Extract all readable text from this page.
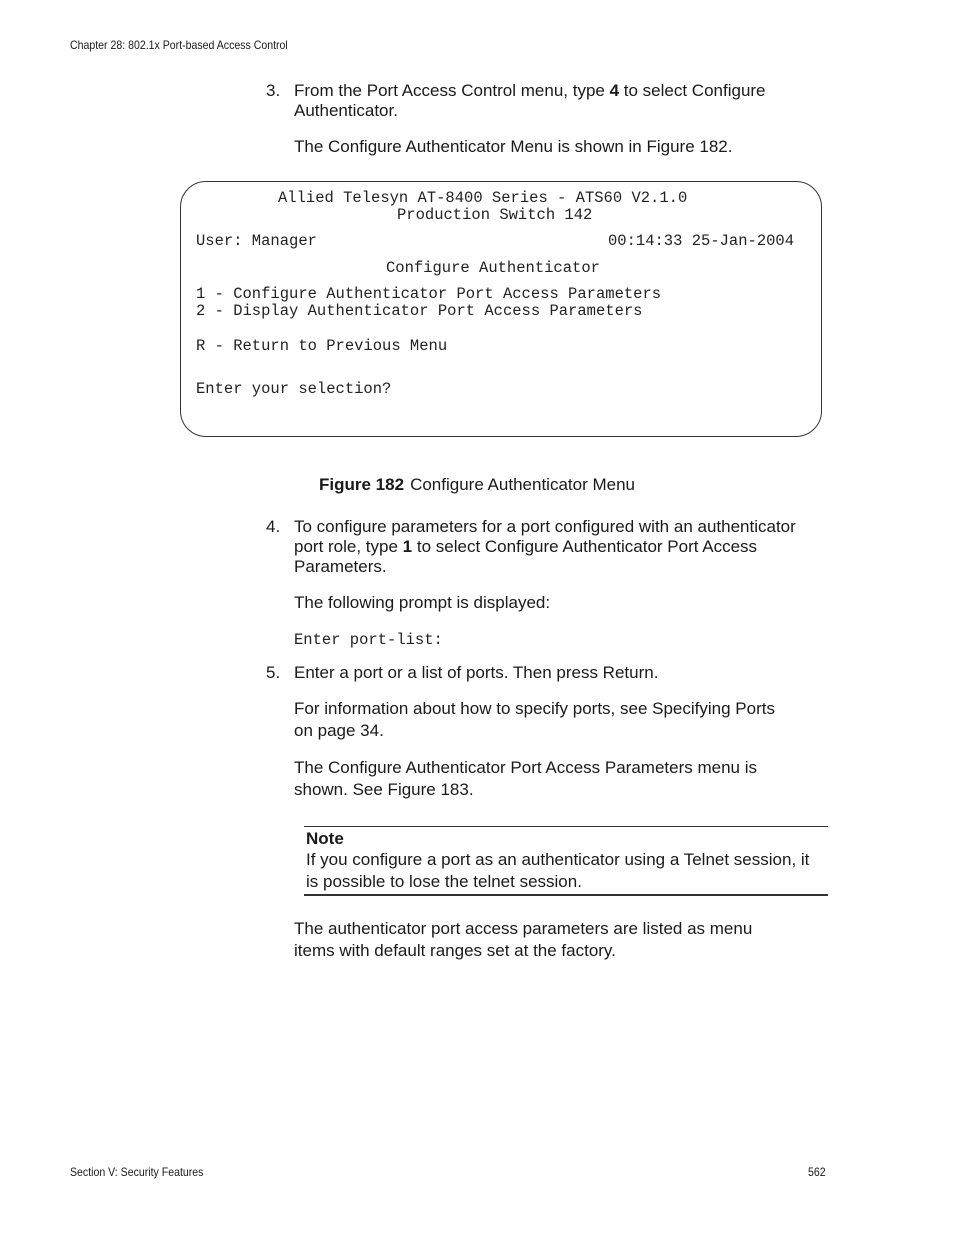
Chapter 28: 802.1x Port-based Access Control
3. From the Port Access Control menu, type 4 to select Configure
Authenticator.
The Configure Authenticator Menu is shown in Figure 182.
Allied Telesyn AT-8400 Series - ATS60 V2.1.0
Production Switch 142
User: Manager	00:14:33 25-Jan-2004
Configure Authenticator
1 - Configure Authenticator Port Access Parameters
2 - Display Authenticator Port Access Parameters
R - Return to Previous Menu
Enter your selection?
Figure 182 Configure Authenticator Menu
4. To configure parameters for a port configured with an authenticator
port role, type 1 to select Configure Authenticator Port Access
Parameters.
The following prompt is displayed:
Enter port-list:
5. Enter a port or a list of ports. Then press Return.
For information about how to specify ports, see Specifying Ports
on page 34.
The Configure Authenticator Port Access Parameters menu is
shown. See Figure 183.
Note
If you configure a port as an authenticator using a Telnet session, it
is possible to lose the telnet session.
The authenticator port access parameters are listed as menu
items with default ranges set at the factory.
Section V: Security Features	562
